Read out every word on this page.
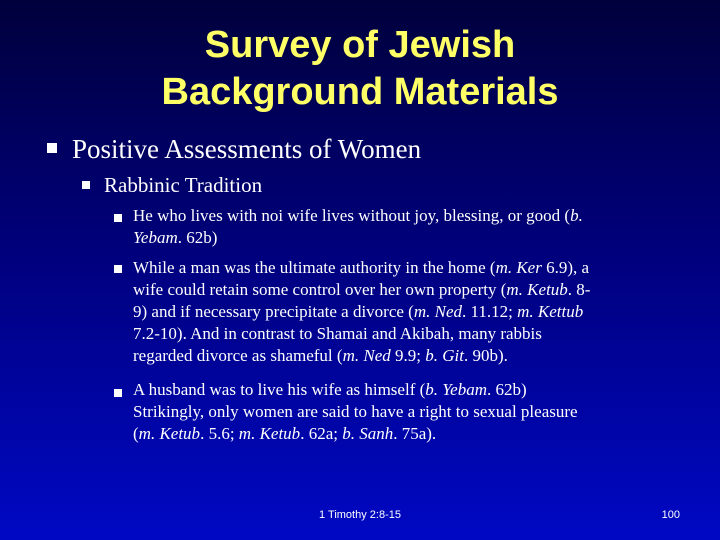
Survey of Jewish
Background Materials
Positive Assessments of Women
Rabbinic Tradition
He who lives with noi wife lives without joy, blessing, or good (b.
Yebam. 62b)
While a man was the ultimate authority in the home (m. Ker 6.9), a
wife could retain some control over her own property (m. Ketub. 8-
9) and if necessary precipitate a divorce (m. Ned. 11.12; m. Kettub
7.2-10). And in contrast to Shamai and Akibah, many rabbis
regarded divorce as shameful (m. Ned 9.9; b. Git. 90b).
A husband was to live his wife as himself (b. Yebam. 62b)
Strikingly, only women are said to have a right to sexual pleasure
(m. Ketub. 5.6; m. Ketub. 62a; b. Sanh. 75a).
1 Timothy 2:8-15	100
